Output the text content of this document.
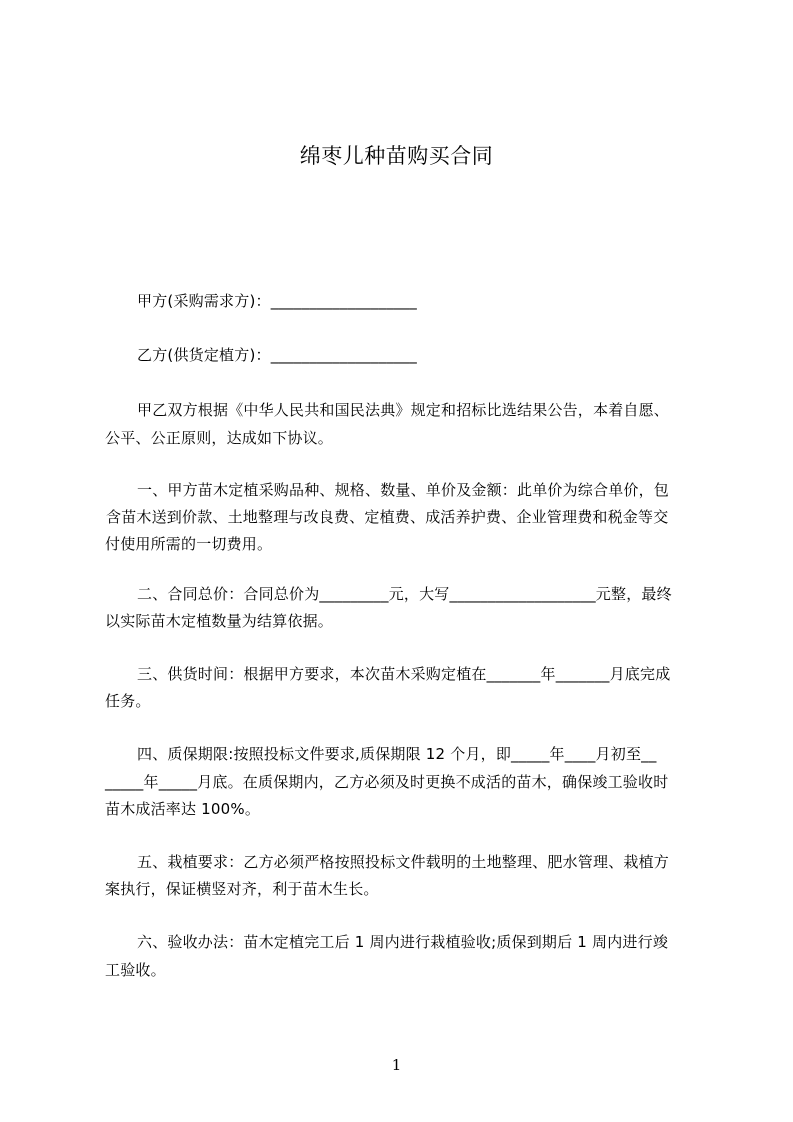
绵枣儿种苗购买合同
甲方(采购需求方)：___________________
乙方(供货定植方)：___________________
甲乙双方根据《中华人民共和国民法典》规定和招标比选结果公告，本着自愿、
公平、公正原则，达成如下协议。
一、甲方苗木定植采购品种、规格、数量、单价及金额：此单价为综合单价，包
含苗木送到价款、土地整理与改良费、定植费、成活养护费、企业管理费和税金等交
付使用所需的一切费用。
二、合同总价：合同总价为_________元，大写___________________元整，最终
以实际苗木定植数量为结算依据。
三、供货时间：根据甲方要求，本次苗木采购定植在_______年_______月底完成
任务。
四、质保期限:按照投标文件要求,质保期限 12 个月，即_____年____月初至__
_____年_____月底。在质保期内，乙方必须及时更换不成活的苗木，确保竣工验收时
苗木成活率达 100%。
五、栽植要求：乙方必须严格按照投标文件载明的土地整理、肥水管理、栽植方
案执行，保证横竖对齐，利于苗木生长。
六、验收办法：苗木定植完工后 1 周内进行栽植验收;质保到期后 1 周内进行竣
工验收。
1
